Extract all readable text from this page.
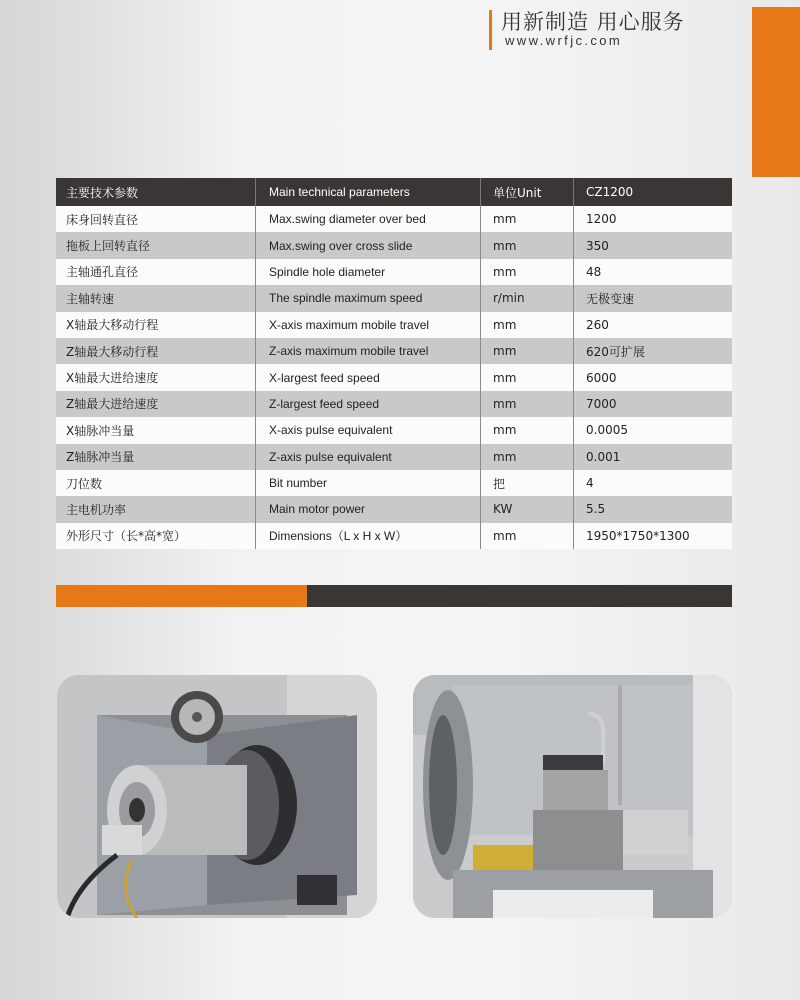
用新制造 用心服务
www.wrfjc.com
主要技术参数	Main technical parameters	单位Unit	CZ1200
床身回转直径	Max.swing diameter over bed	mm	1200
拖板上回转直径	Max.swing over cross slide	mm	350
主轴通孔直径	Spindle hole diameter	mm	48
主轴转速	The spindle maximum speed	r/min	无极变速
X轴最大移动行程	X-axis maximum mobile travel	mm	260
Z轴最大移动行程	Z-axis maximum mobile travel	mm	620可扩展
X轴最大进给速度	X-largest feed speed	mm	6000
Z轴最大进给速度	Z-largest feed speed	mm	7000
X轴脉冲当量	X-axis pulse equivalent	mm	0.0005
Z轴脉冲当量	Z-axis pulse equivalent	mm	0.001
刀位数	Bit number	把	4
主电机功率	Main motor power	KW	5.5
外形尺寸（长*高*宽）	Dimensions（L x H x W）	mm	1950*1750*1300
